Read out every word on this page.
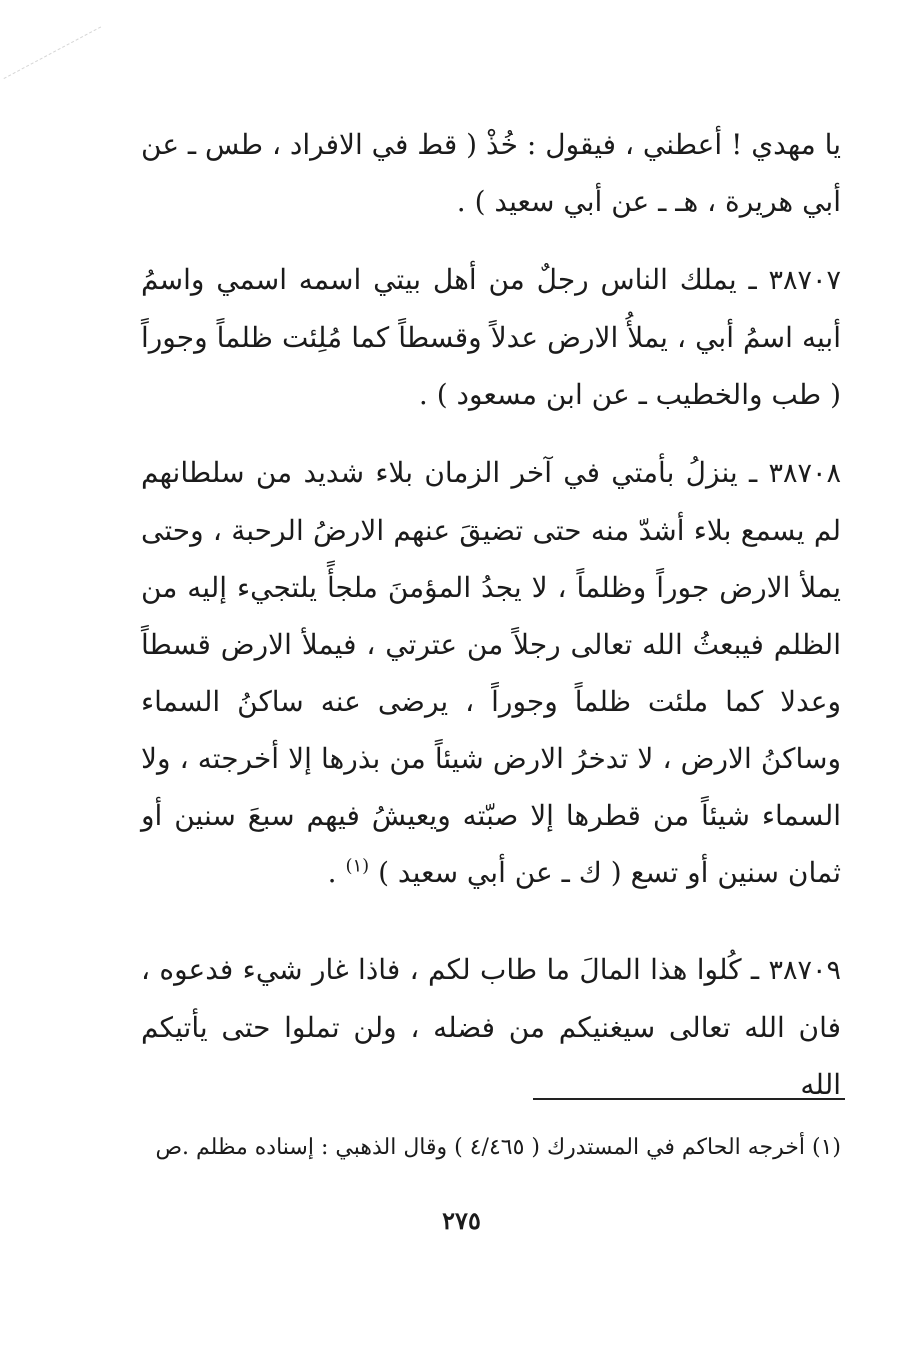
يا مهدي ! أعطني ، فيقول : خُذْ ( قط في الافراد ، طس ـ عن أبي هريرة ، هـ ـ عن أبي سعيد ) .

٣٨٧٠٧ ـ يملك الناس رجلٌ من أهل بيتي اسمه اسمي واسمُ أبيه اسمُ أبي ، يملأُ الارض عدلاً وقسطاً كما مُلِئت ظلماً وجوراً ( طب والخطيب ـ عن ابن مسعود ) .

٣٨٧٠٨ ـ ينزلُ بأمتي في آخر الزمان بلاء شديد من سلطانهم لم يسمع بلاء أشدّ منه حتى تضيقَ عنهم الارضُ الرحبة ، وحتى يملأ الارض جوراً وظلماً ، لا يجدُ المؤمنَ ملجأً يلتجيء إليه من الظلم فيبعثُ الله تعالى رجلاً من عترتي ، فيملأ الارض قسطاً وعدلا كما ملئت ظلماً وجوراً ، يرضى عنه ساكنُ السماء وساكنُ الارض ، لا تدخرُ الارض شيئاً من بذرها إلا أخرجته ، ولا السماء شيئاً من قطرها إلا صبّته ويعيشُ فيهم سبعَ سنين أو ثمان سنين أو تسع ( ك ـ عن أبي سعيد ) $^{(١)}$ .

٣٨٧٠٩ ـ كُلوا هذا المالَ ما طاب لكم ، فاذا غار شيء فدعوه ، فان الله تعالى سيغنيكم من فضله ، ولن تملوا حتى يأتيكم الله

(١) أخرجه الحاكم في المستدرك ( ٤/٤٦٥ ) وقال الذهبي : إسناده مظلم .ص

٢٧٥
